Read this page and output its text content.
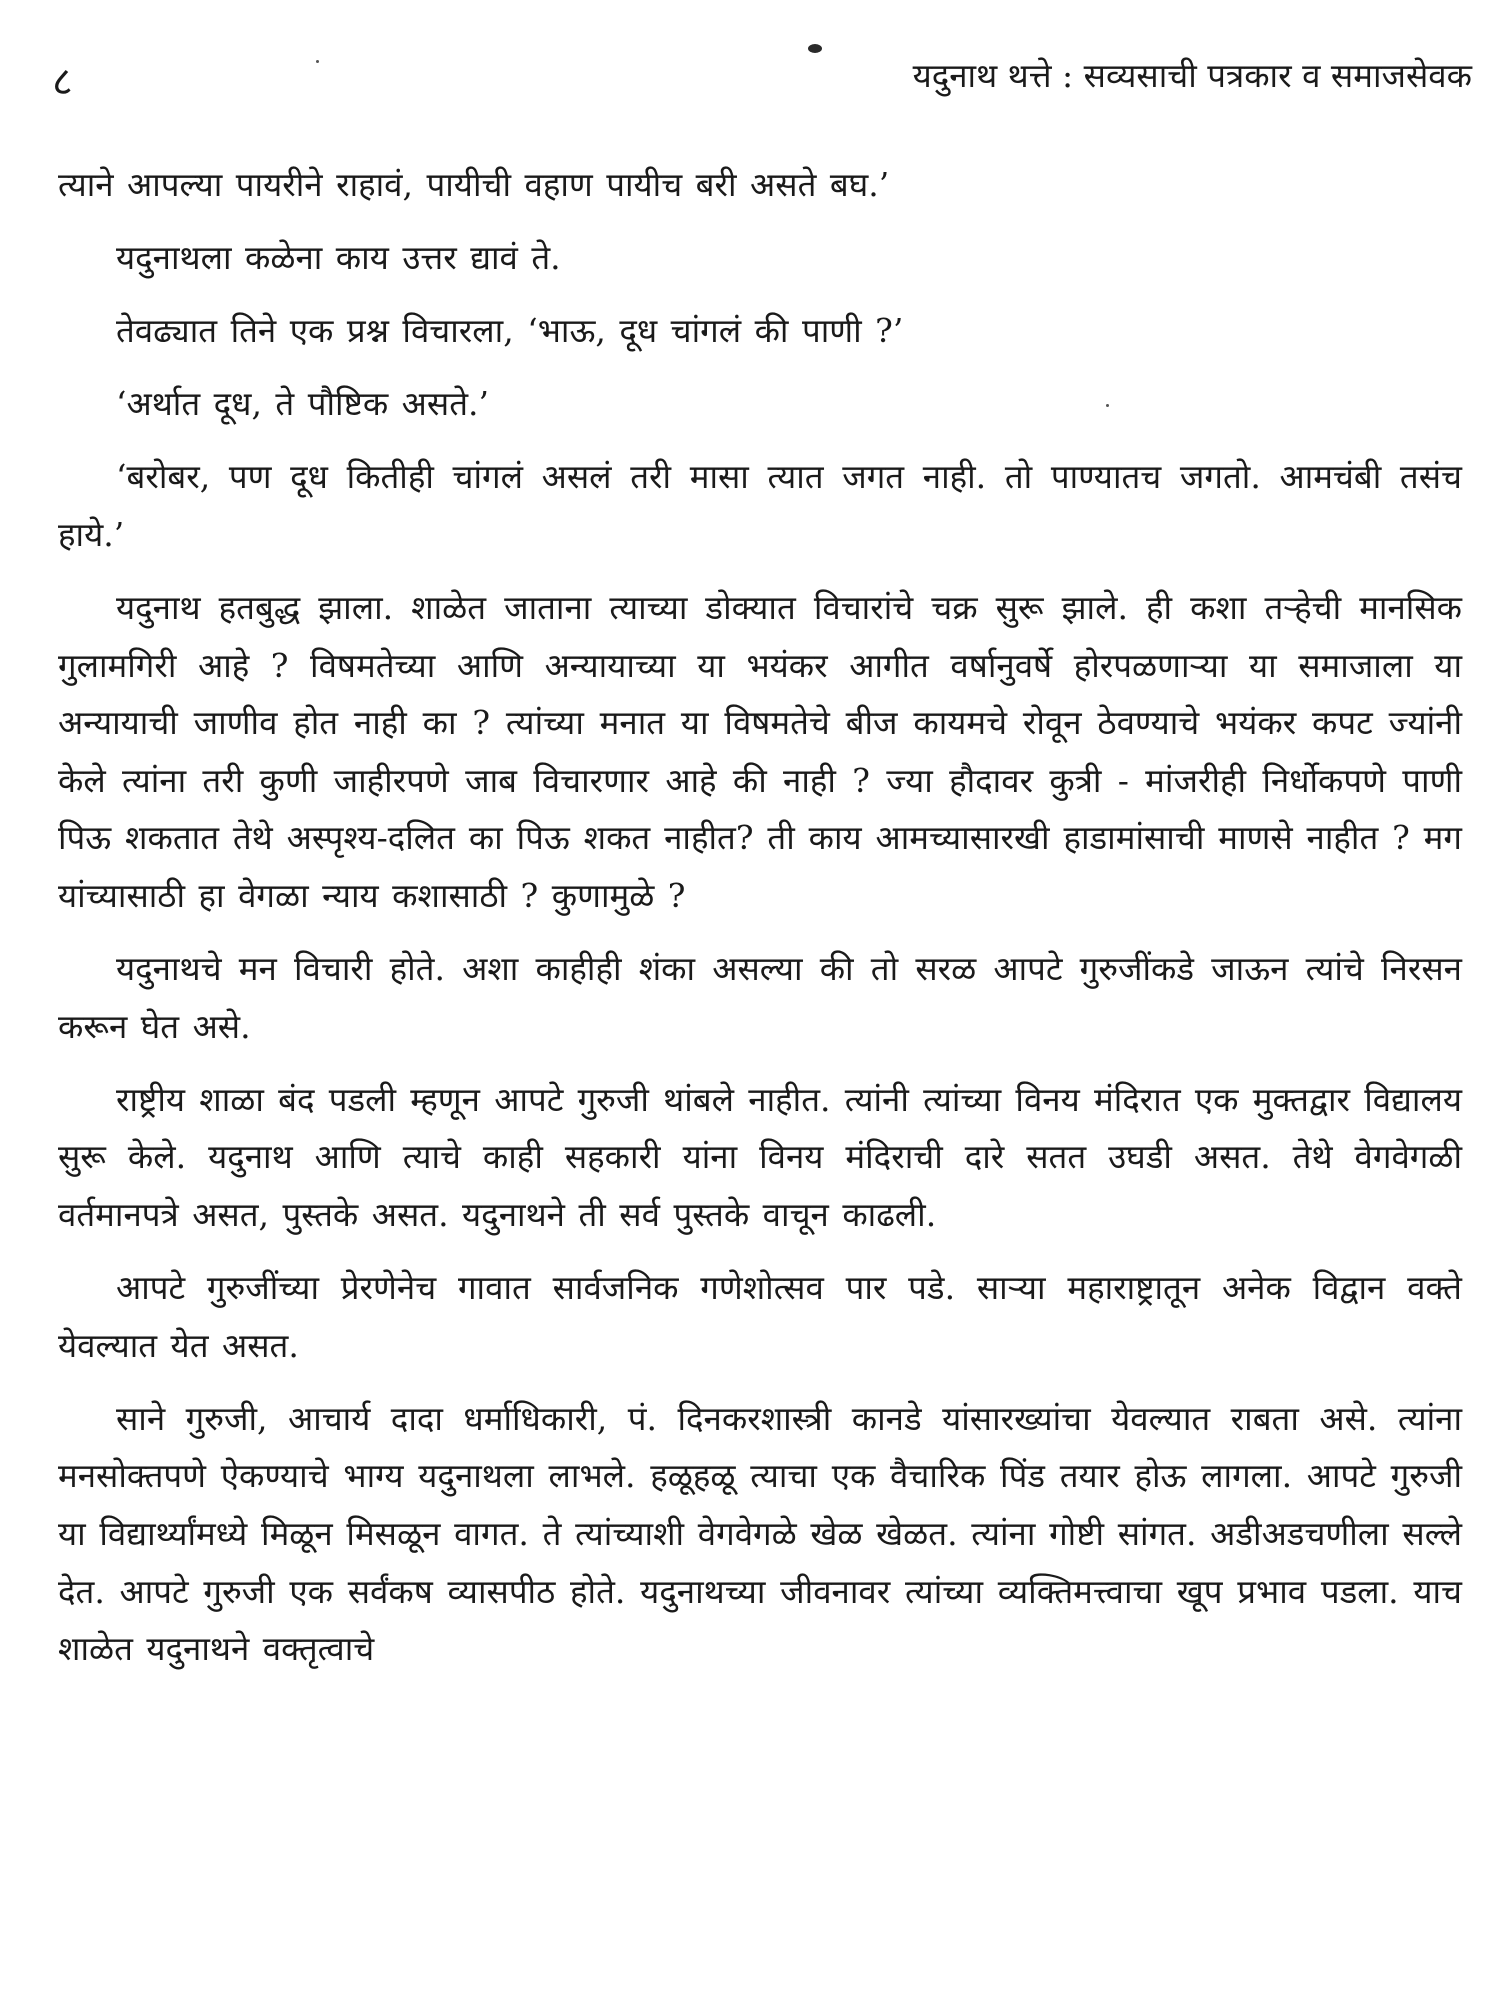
८	यदुनाथ थत्ते : सव्यसाची पत्रकार व समाजसेवक

त्याने आपल्या पायरीने राहावं, पायीची वहाण पायीच बरी असते बघ.’

यदुनाथला कळेना काय उत्तर द्यावं ते.

तेवढ्यात तिने एक प्रश्न विचारला, ‘भाऊ, दूध चांगलं की पाणी ?’

‘अर्थात दूध, ते पौष्टिक असते.’

‘बरोबर, पण दूध कितीही चांगलं असलं तरी मासा त्यात जगत नाही. तो पाण्यातच जगतो. आमचंबी तसंच हाये.’

यदुनाथ हतबुद्ध झाला. शाळेत जाताना त्याच्या डोक्यात विचारांचे चक्र सुरू झाले. ही कशा तऱ्हेची मानसिक गुलामगिरी आहे ? विषमतेच्या आणि अन्यायाच्या या भयंकर आगीत वर्षानुवर्षे होरपळणाऱ्या या समाजाला या अन्यायाची जाणीव होत नाही का ? त्यांच्या मनात या विषमतेचे बीज कायमचे रोवून ठेवण्याचे भयंकर कपट ज्यांनी केले त्यांना तरी कुणी जाहीरपणे जाब विचारणार आहे की नाही ? ज्या हौदावर कुत्री - मांजरीही निर्धोकपणे पाणी पिऊ शकतात तेथे अस्पृश्य-दलित का पिऊ शकत नाहीत? ती काय आमच्यासारखी हाडामांसाची माणसे नाहीत ? मग यांच्यासाठी हा वेगळा न्याय कशासाठी ? कुणामुळे ?

यदुनाथचे मन विचारी होते. अशा काहीही शंका असल्या की तो सरळ आपटे गुरुजींकडे जाऊन त्यांचे निरसन करून घेत असे.

राष्ट्रीय शाळा बंद पडली म्हणून आपटे गुरुजी थांबले नाहीत. त्यांनी त्यांच्या विनय मंदिरात एक मुक्तद्वार विद्यालय सुरू केले. यदुनाथ आणि त्याचे काही सहकारी यांना विनय मंदिराची दारे सतत उघडी असत. तेथे वेगवेगळी वर्तमानपत्रे असत, पुस्तके असत. यदुनाथने ती सर्व पुस्तके वाचून काढली.

आपटे गुरुजींच्या प्रेरणेनेच गावात सार्वजनिक गणेशोत्सव पार पडे. साऱ्या महाराष्ट्रातून अनेक विद्वान वक्ते येवल्यात येत असत.

साने गुरुजी, आचार्य दादा धर्माधिकारी, पं. दिनकरशास्त्री कानडे यांसारख्यांचा येवल्यात राबता असे. त्यांना मनसोक्तपणे ऐकण्याचे भाग्य यदुनाथला लाभले. हळूहळू त्याचा एक वैचारिक पिंड तयार होऊ लागला. आपटे गुरुजी या विद्यार्थ्यांमध्ये मिळून मिसळून वागत. ते त्यांच्याशी वेगवेगळे खेळ खेळत. त्यांना गोष्टी सांगत. अडीअडचणीला सल्ले देत. आपटे गुरुजी एक सर्वंकष व्यासपीठ होते. यदुनाथच्या जीवनावर त्यांच्या व्यक्तिमत्त्वाचा खूप प्रभाव पडला. याच शाळेत यदुनाथने वक्तृत्वाचे
